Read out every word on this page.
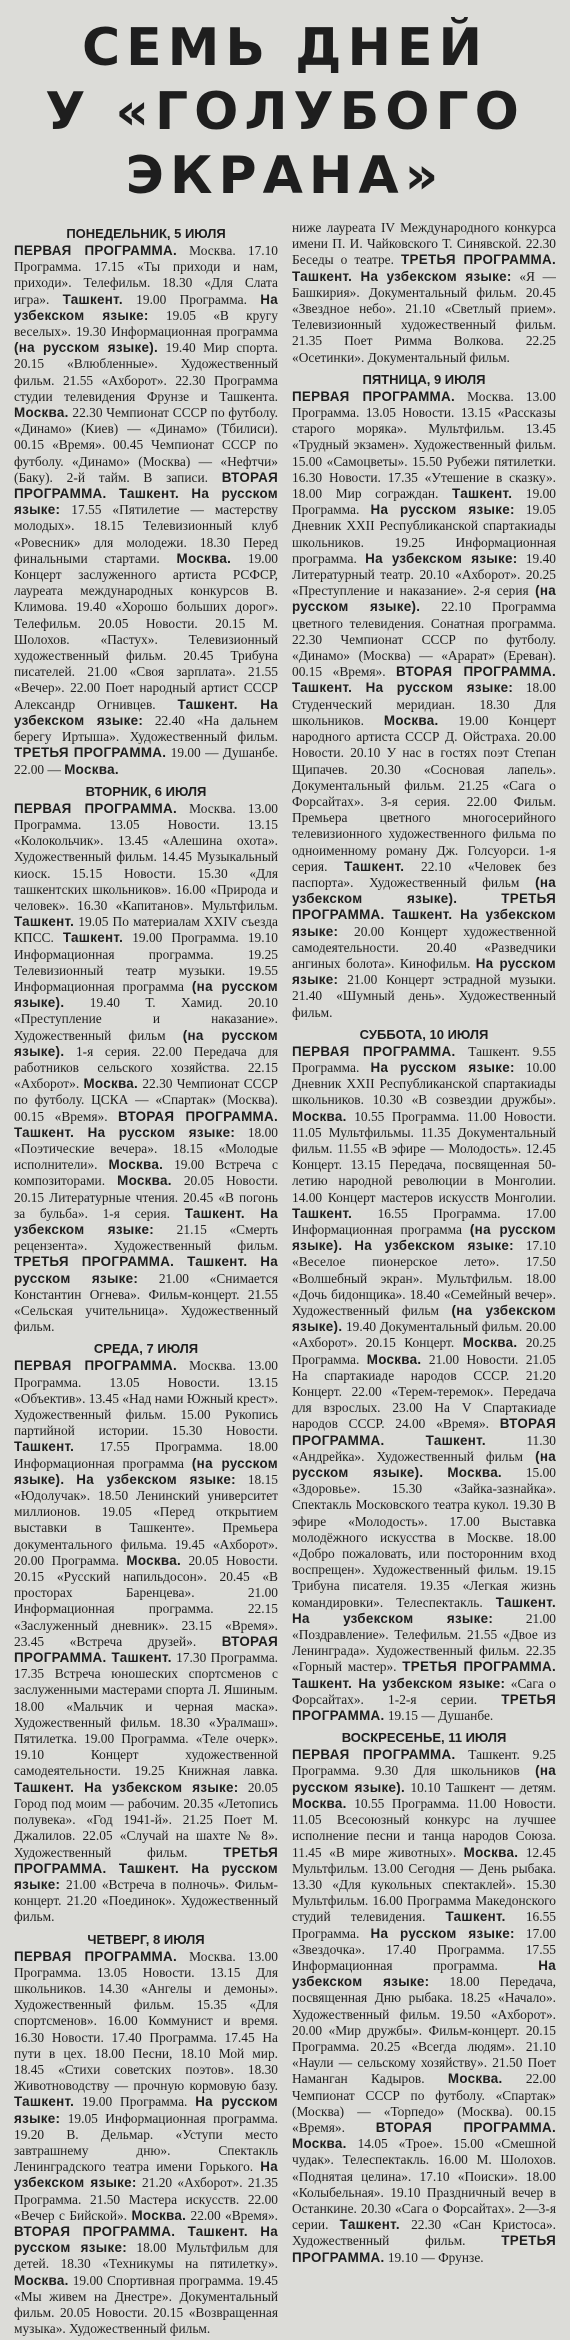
СЕМЬ ДНЕЙ
У «ГОЛУБОГО
ЭКРАНА»
ПОНЕДЕЛЬНИК, 5 ИЮЛЯ

ПЕРВАЯ ПРОГРАММА. Москва. 17.10 Программа. 17.15 «Ты приходи и нам, приходи». Телефильм. 18.30 «Для Слата игра». Ташкент. 19.00 Программа. На узбекском языке: 19.05 «В кругу веселых». 19.30 Информационная программа (на русском языке). 19.40 Мир спорта. 20.15 «Влюбленные». Художественный фильм. 21.55 «Ахборот». 22.30 Программа студии телевидения Фрунзе и Ташкента. Москва. 22.30 Чемпионат СССР по футболу. «Динамо» (Киев) — «Динамо» (Тбилиси). 00.15 «Время». 00.45 Чемпионат СССР по футболу. «Динамо» (Москва) — «Нефтчи» (Баку). 2-й тайм. В записи. ВТОРАЯ ПРОГРАММА. Ташкент. На русском языке: 17.55 «Пятилетие — мастерству молодых». 18.15 Телевизионный клуб «Ровесник» для молодежи. 18.30 Перед финальными стартами. Москва. 19.00 Концерт заслуженного артиста РСФСР, лауреата международных конкурсов В. Климова. 19.40 «Хорошо больших дорог». Телефильм. 20.05 Новости. 20.15 М. Шолохов. «Пастух». Телевизионный художественный фильм. 20.45 Трибуна писателей. 21.00 «Своя зарплата». 21.55 «Вечер». 22.00 Поет народный артист СССР Александр Огнивцев. Ташкент. На узбекском языке: 22.40 «На дальнем берегу Иртыша». Художественный фильм. ТРЕТЬЯ ПРОГРАММА. 19.00 — Душанбе. 22.00 — Москва.

ВТОРНИК, 6 ИЮЛЯ

ПЕРВАЯ ПРОГРАММА. Москва. 13.00 Программа. 13.05 Новости. 13.15 «Колокольчик». 13.45 «Алешина охота». Художественный фильм. 14.45 Музыкальный киоск. 15.15 Новости. 15.30 «Для ташкентских школьников». 16.00 «Природа и человек». 16.30 «Капитанов». Мультфильм. Ташкент. 19.05 По материалам XXIV съезда КПСС. Ташкент. 19.00 Программа. 19.10 Информационная программа. 19.25 Телевизионный театр музыки. 19.55 Информационная программа (на русском языке). 19.40 Т. Хамид. 20.10 «Преступление и наказание». Художественный фильм (на русском языке). 1-я серия. 22.00 Передача для работников сельского хозяйства. 22.15 «Ахборот». Москва. 22.30 Чемпионат СССР по футболу. ЦСКА — «Спартак» (Москва). 00.15 «Время». ВТОРАЯ ПРОГРАММА. Ташкент. На русском языке: 18.00 «Поэтические вечера». 18.15 «Молодые исполнители». Москва. 19.00 Встреча с композиторами. Москва. 20.05 Новости. 20.15 Литературные чтения. 20.45 «В погонь за бульба». 1-я серия. Ташкент. На узбекском языке: 21.15 «Смерть рецензента». Художественный фильм. ТРЕТЬЯ ПРОГРАММА. Ташкент. На русском языке: 21.00 «Снимается Константин Огнева». Фильм-концерт. 21.55 «Сельская учительница». Художественный фильм.

СРЕДА, 7 ИЮЛЯ

ПЕРВАЯ ПРОГРАММА. Москва. 13.00 Программа. 13.05 Новости. 13.15 «Объектив». 13.45 «Над нами Южный крест». Художественный фильм. 15.00 Рукопись партийной истории. 15.30 Новости. Ташкент. 17.55 Программа. 18.00 Информационная программа (на русском языке). На узбекском языке: 18.15 «Юдолучак». 18.50 Ленинский университет миллионов. 19.05 «Перед открытием выставки в Ташкенте». Премьера документального фильма. 19.45 «Ахборот». 20.00 Программа. Москва. 20.05 Новости. 20.15 «Русский напильдосон». 20.45 «В просторах Баренцева». 21.00 Информационная программа. 22.15 «Заслуженный дневник». 23.15 «Время». 23.45 «Встреча друзей». ВТОРАЯ ПРОГРАММА. Ташкент. 17.30 Программа. 17.35 Встреча юношеских спортсменов с заслуженными мастерами спорта Л. Яшиным. 18.00 «Мальчик и черная маска». Художественный фильм. 18.30 «Уралмаш». Пятилетка. 19.00 Программа. «Теле очерк». 19.10 Концерт художественной самодеятельности. 19.25 Книжная лавка. Ташкент. На узбекском языке: 20.05 Город под моим — рабочим. 20.35 «Летопись полувека». «Год 1941-й». 21.25 Поет М. Джалилов. 22.05 «Случай на шахте № 8». Художественный фильм. ТРЕТЬЯ ПРОГРАММА. Ташкент. На русском языке: 21.00 «Встреча в полночь». Фильм-концерт. 21.20 «Поединок». Художественный фильм.

ЧЕТВЕРГ, 8 ИЮЛЯ

ПЕРВАЯ ПРОГРАММА. Москва. 13.00 Программа. 13.05 Новости. 13.15 Для школьников. 14.30 «Ангелы и демоны». Художественный фильм. 15.35 «Для спортсменов». 16.00 Коммунист и время. 16.30 Новости. 17.40 Программа. 17.45 На пути в цех. 18.00 Песни, 18.10 Мой мир. 18.45 «Стихи советских поэтов». 18.30 Животноводству — прочную кормовую базу. Ташкент. 19.00 Программа. На русском языке: 19.05 Информационная программа. 19.20 В. Дельмар. «Уступи место завтрашнему дню». Спектакль Ленинградского театра имени Горького. На узбекском языке: 21.20 «Ахборот». 21.35 Программа. 21.50 Мастера искусств. 22.00 «Вечер с Бийской». Москва. 22.00 «Время». ВТОРАЯ ПРОГРАММА. Ташкент. На русском языке: 18.00 Мультфильм для детей. 18.30 «Техникумы на пятилетку». Москва. 19.00 Спортивная программа. 19.45 «Мы живем на Днестре». Документальный фильм. 20.05 Новости. 20.15 «Возвращенная музыка». Художественный фильм.

ниже лауреата IV Международного конкурса имени П. И. Чайковского Т. Синявской. 22.30 Беседы о театре. ТРЕТЬЯ ПРОГРАММА. Ташкент. На узбекском языке: «Я — Башкирия». Документальный фильм. 20.45 «Звездное небо». 21.10 «Светлый прием». Телевизионный художественный фильм. 21.35 Поет Римма Волкова. 22.25 «Осетинки». Документальный фильм.

ПЯТНИЦА, 9 ИЮЛЯ

ПЕРВАЯ ПРОГРАММА. Москва. 13.00 Программа. 13.05 Новости. 13.15 «Рассказы старого моряка». Мультфильм. 13.45 «Трудный экзамен». Художественный фильм. 15.00 «Самоцветы». 15.50 Рубежи пятилетки. 16.30 Новости. 17.35 «Утешение в сказку». 18.00 Мир сограждан. Ташкент. 19.00 Программа. На русском языке: 19.05 Дневник XXII Республиканской спартакиады школьников. 19.25 Информационная программа. На узбекском языке: 19.40 Литературный театр. 20.10 «Ахборот». 20.25 «Преступление и наказание». 2-я серия (на русском языке). 22.10 Программа цветного телевидения. Сонатная программа. 22.30 Чемпионат СССР по футболу. «Динамо» (Москва) — «Арарат» (Ереван). 00.15 «Время». ВТОРАЯ ПРОГРАММА. Ташкент. На русском языке: 18.00 Студенческий меридиан. 18.30 Для школьников. Москва. 19.00 Концерт народного артиста СССР Д. Ойстраха. 20.00 Новости. 20.10 У нас в гостях поэт Степан Щипачев. 20.30 «Сосновая лапель». Документальный фильм. 21.25 «Сага о Форсайтах». 3-я серия. 22.00 Фильм. Премьера цветного многосерийного телевизионного художественного фильма по одноименному роману Дж. Голсуорси. 1-я серия. Ташкент. 22.10 «Человек без паспорта». Художественный фильм (на узбекском языке).	ТРЕТЬЯ ПРОГРАММА. Ташкент. На узбекском языке: 20.00 Концерт художественной самодеятельности. 20.40 «Разведчики ангиных болота». Кинофильм. На русском языке: 21.00 Концерт эстрадной музыки. 21.40 «Шумный день». Художественный фильм.

СУББОТА, 10 ИЮЛЯ

ПЕРВАЯ ПРОГРАММА. Ташкент. 9.55 Программа. На русском языке: 10.00 Дневник XXII Республиканской спартакиады школьников. 10.30 «В созвездии дружбы». Москва. 10.55 Программа. 11.00 Новости. 11.05 Мультфильмы. 11.35 Документальный фильм. 11.55 «В эфире — Молодость». 12.45 Концерт. 13.15 Передача, посвященная 50-летию народной революции в Монголии. 14.00 Концерт мастеров искусств Монголии. Ташкент. 16.55 Программа. 17.00 Информационная программа (на русском языке). На узбекском языке: 17.10 «Веселое пионерское лето». 17.50 «Волшебный экран». Мультфильм. 18.00 «Дочь бидонщика». 18.40 «Семейный вечер». Художественный фильм (на узбекском языке). 19.40 Документальный фильм. 20.00 «Ахборот». 20.15 Концерт. Москва. 20.25 Программа. Москва. 21.00 Новости. 21.05 На спартакиаде народов СССР. 21.20 Концерт. 22.00 «Терем-теремок». Передача для взрослых. 23.00 На V Спартакиаде народов СССР. 24.00 «Время». ВТОРАЯ ПРОГРАММА. Ташкент. 11.30 «Андрейка». Художественный фильм (на русском языке). Москва. 15.00 «Здоровье». 15.30 «Зайка-зазнайка». Спектакль Московского театра кукол. 19.30 В эфире «Молодость». 17.00 Выставка молодёжного искусства в Москве. 18.00 «Добро пожаловать, или посторонним вход воспрещен». Художественный фильм. 19.15 Трибуна писателя. 19.35 «Легкая жизнь командировки». Телеспектакль. Ташкент. На узбекском языке: 21.00 «Поздравление». Телефильм. 21.55 «Двое из Ленинграда». Художественный фильм. 22.35 «Горный мастер». ТРЕТЬЯ ПРОГРАММА. Ташкент. На узбекском языке: «Сага о Форсайтах». 1-2-я серии. ТРЕТЬЯ ПРОГРАММА. 19.15 — Душанбе.

ВОСКРЕСЕНЬЕ, 11 ИЮЛЯ

ПЕРВАЯ ПРОГРАММА. Ташкент. 9.25 Программа. 9.30 Для школьников (на русском языке). 10.10 Ташкент — детям. Москва. 10.55 Программа. 11.00 Новости. 11.05 Всесоюзный конкурс на лучшее исполнение песни и танца народов Союза. 11.45 «В мире животных». Москва. 12.45 Мультфильм. 13.00 Сегодня — День рыбака. 13.30 «Для кукольных спектаклей». 15.30 Мультфильм. 16.00 Программа Македонского студий телевидения. Ташкент. 16.55 Программа. На русском языке: 17.00 «Звездочка». 17.40 Программа. 17.55 Информационная программа. На узбекском языке: 18.00 Передача, посвященная Дню рыбака. 18.25 «Начало». Художественный фильм. 19.50 «Ахборот». 20.00 «Мир дружбы». Фильм-концерт. 20.15 Программа. 20.25 «Всегда людям». 21.10 «Наули — сельскому хозяйству». 21.50 Поет Наманган Кадыров. Москва. 22.00 Чемпионат СССР по футболу. «Спартак» (Москва) — «Торпедо» (Москва). 00.15 «Время». ВТОРАЯ ПРОГРАММА. Москва. 14.05 «Трое». 15.00 «Смешной чудак». Телеспектакль. 16.00 М. Шолохов. «Поднятая целина». 17.10 «Поиски». 18.00 «Колыбельная». 19.10 Праздничный вечер в Останкине. 20.30 «Сага о Форсайтах». 2—3-я серии. Ташкент. 22.30 «Сан Кристоса». Художественный фильм. ТРЕТЬЯ ПРОГРАММА. 19.10 — Фрунзе.
